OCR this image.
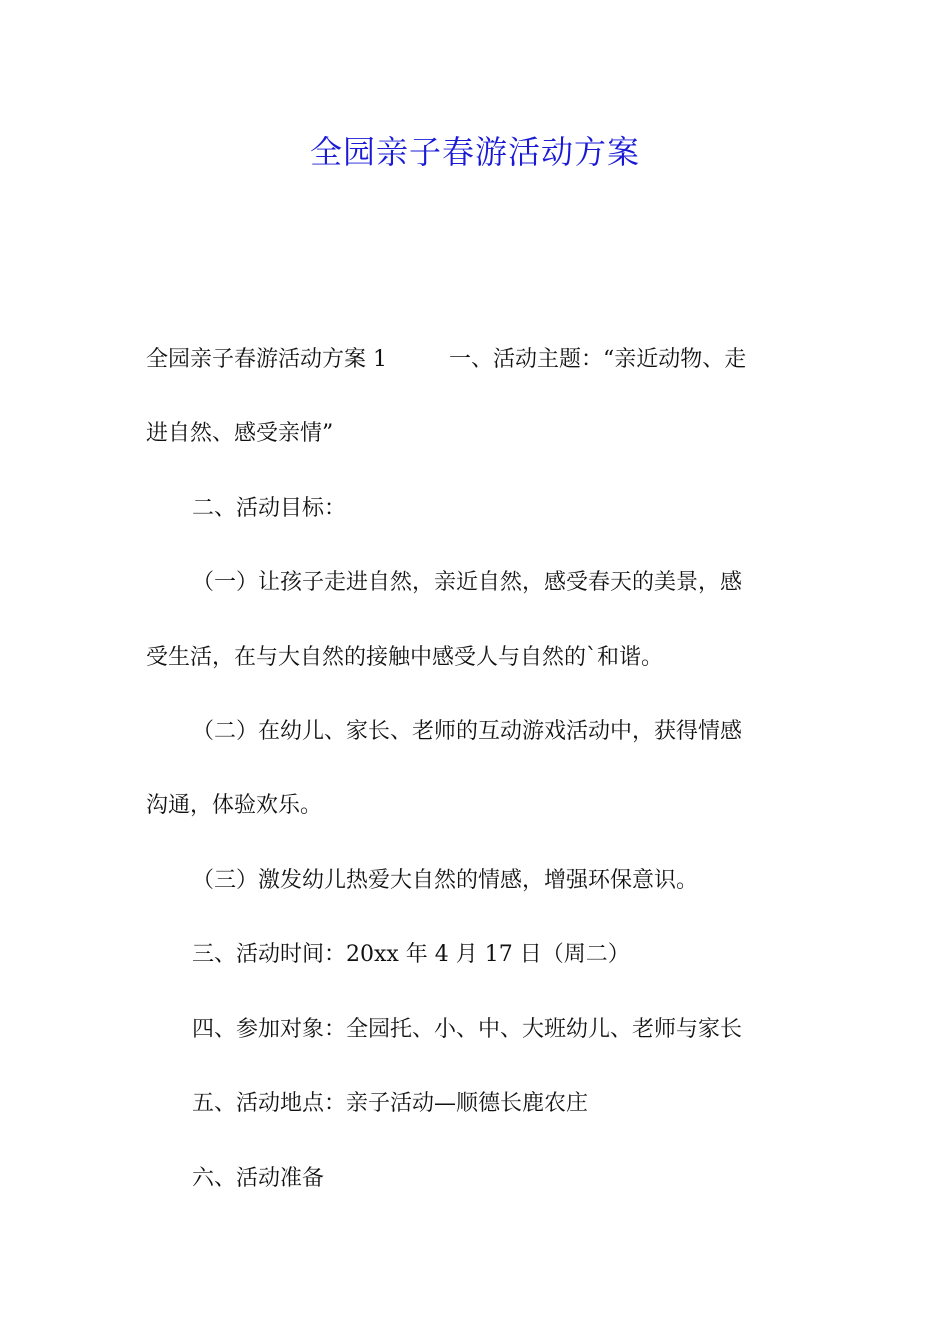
全园亲子春游活动方案
全园亲子春游活动方案 1	一、活动主题：“亲近动物、走
进自然、感受亲情”
二、活动目标：
（一）让孩子走进自然，亲近自然，感受春天的美景，感
受生活，在与大自然的接触中感受人与自然的`和谐。
（二）在幼儿、家长、老师的互动游戏活动中，获得情感
沟通，体验欢乐。
（三）激发幼儿热爱大自然的情感，增强环保意识。
三、活动时间：20xx 年 4 月 17 日（周二）
四、参加对象：全园托、小、中、大班幼儿、老师与家长
五、活动地点：亲子活动—顺德长鹿农庄
六、活动准备
